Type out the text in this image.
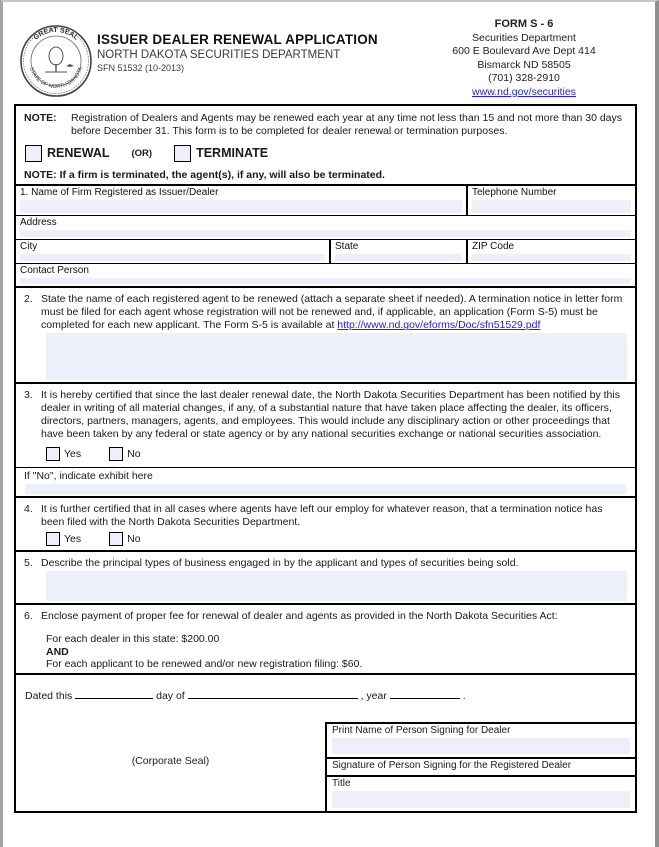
GREAT SEAL
STATE OF NORTH DAKOTA
ISSUER DEALER RENEWAL APPLICATION
NORTH DAKOTA SECURITIES DEPARTMENT
SFN 51532 (10-2013)
FORM S - 6
Securities Department
600 E Boulevard Ave Dept 414
Bismarck ND 58505
(701) 328-2910
www.nd.gov/securities
NOTE:	Registration of Dealers and Agents may be renewed each year at any time not less than 15 and not more than 30 days before December 31. This form is to be completed for dealer renewal or termination purposes.
RENEWAL (OR)	TERMINATE
NOTE: If a firm is terminated, the agent(s), if any, will also be terminated.
1. Name of Firm Registered as Issuer/Dealer	Telephone Number
Address
City	State	ZIP Code
Contact Person
2. State the name of each registered agent to be renewed (attach a separate sheet if needed). A termination notice in letter form must be filed for each agent whose registration will not be renewed and, if applicable, an application (Form S-5) must be completed for each new applicant. The Form S-5 is available at http://www.nd.gov/eforms/Doc/sfn51529.pdf
3. It is hereby certified that since the last dealer renewal date, the North Dakota Securities Department has been notified by this dealer in writing of all material changes, if any, of a substantial nature that have taken place affecting the dealer, its officers, directors, partners, managers, agents, and employees. This would include any disciplinary action or other proceedings that have been taken by any federal or state agency or by any national securities exchange or national securities association.
Yes	No
If "No", indicate exhibit here
4. It is further certified that in all cases where agents have left our employ for whatever reason, that a termination notice has been filed with the North Dakota Securities Department.
Yes	No
5. Describe the principal types of business engaged in by the applicant and types of securities being sold.
6. Enclose payment of proper fee for renewal of dealer and agents as provided in the North Dakota Securities Act:
For each dealer in this state: $200.00
AND
For each applicant to be renewed and/or new registration filing: $60.
Dated this	day of	, year	.
(Corporate Seal)
Print Name of Person Signing for Dealer
Signature of Person Signing for the Registered Dealer
Title
